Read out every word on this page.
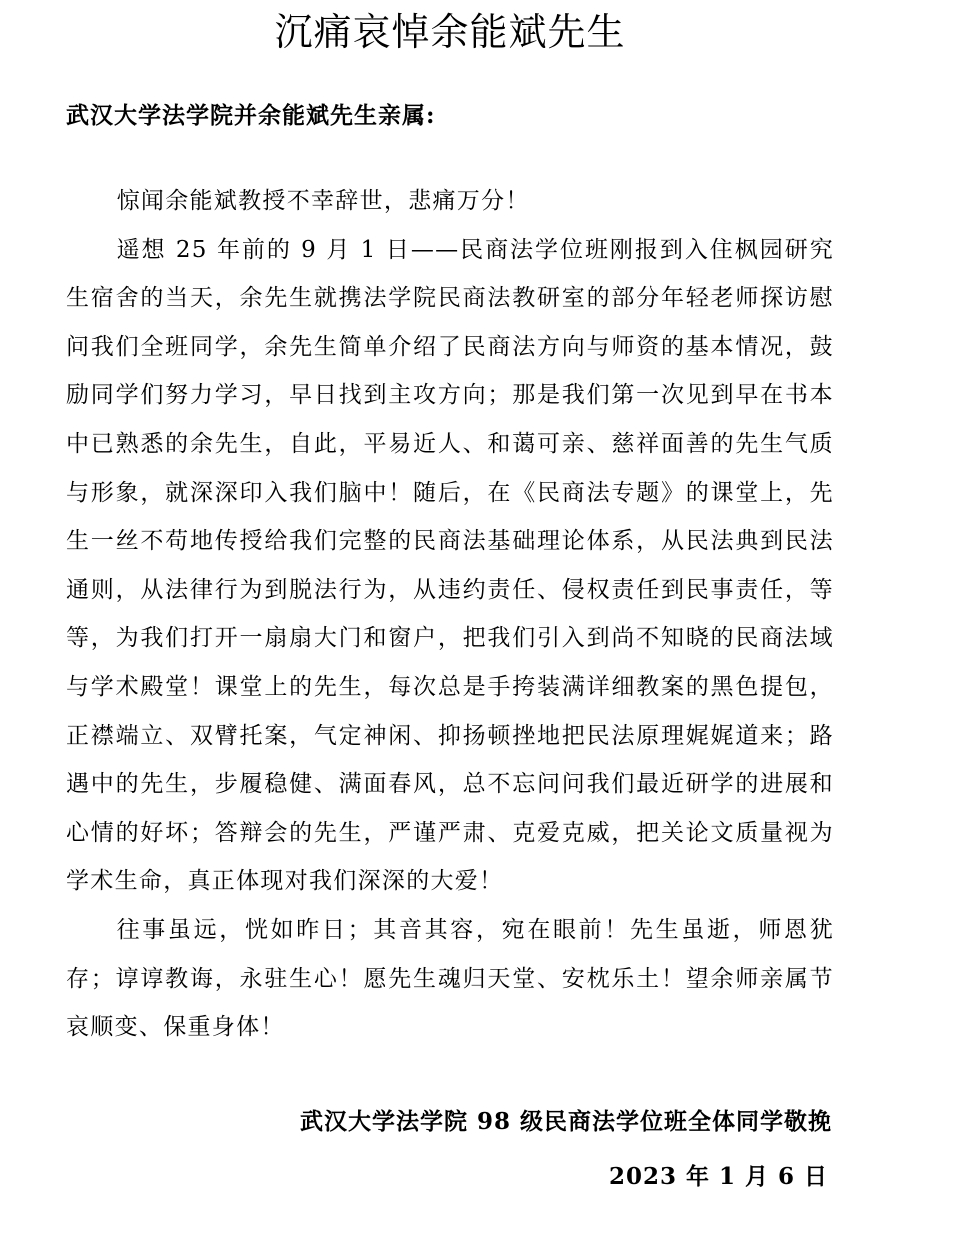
沉痛哀悼余能斌先生

武汉大学法学院并余能斌先生亲属:

惊闻余能斌教授不幸辞世，悲痛万分！

遥想 25 年前的 9 月 1 日——民商法学位班刚报到入住枫园研究生宿舍的当天，余先生就携法学院民商法教研室的部分年轻老师探访慰问我们全班同学，余先生简单介绍了民商法方向与师资的基本情况，鼓励同学们努力学习，早日找到主攻方向；那是我们第一次见到早在书本中已熟悉的余先生，自此，平易近人、和蔼可亲、慈祥面善的先生气质与形象，就深深印入我们脑中！随后，在《民商法专题》的课堂上，先生一丝不苟地传授给我们完整的民商法基础理论体系，从民法典到民法通则，从法律行为到脱法行为，从违约责任、侵权责任到民事责任，等等，为我们打开一扇扇大门和窗户，把我们引入到尚不知晓的民商法域与学术殿堂！课堂上的先生，每次总是手挎装满详细教案的黑色提包，正襟端立、双臂托案，气定神闲、抑扬顿挫地把民法原理娓娓道来；路遇中的先生，步履稳健、满面春风，总不忘问问我们最近研学的进展和心情的好坏；答辩会的先生，严谨严肃、克爱克威，把关论文质量视为学术生命，真正体现对我们深深的大爱！

往事虽远，恍如昨日；其音其容，宛在眼前！先生虽逝，师恩犹存；谆谆教诲，永驻生心！愿先生魂归天堂、安枕乐土！望余师亲属节哀顺变、保重身体！

武汉大学法学院 98 级民商法学位班全体同学敬挽

2023 年 1 月 6 日
